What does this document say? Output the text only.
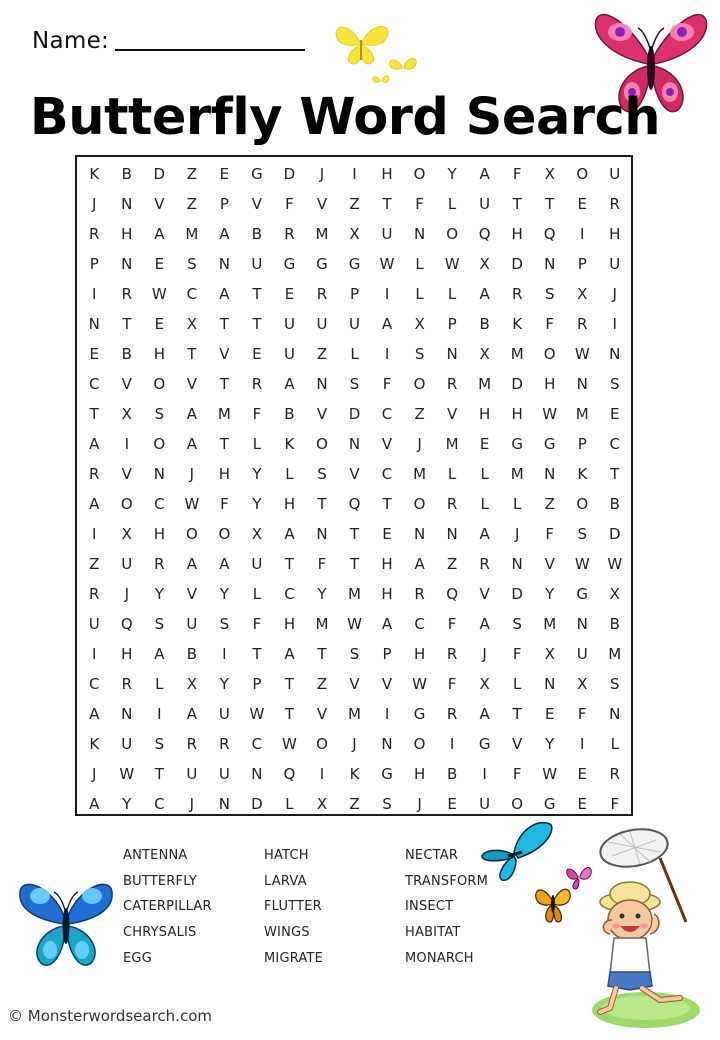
Name:
Butterfly Word Search
K	B	D	Z	E	G	D	J	I	H	O	Y	A	F	X	O	U
J	N	V	Z	P	V	F	V	Z	T	F	L	U	T	T	E	R
R	H	A	M	A	B	R	M	X	U	N	O	Q	H	Q	I	H
P	N	E	S	N	U	G	G	G	W	L	W	X	D	N	P	U
I	R	W	C	A	T	E	R	P	I	L	L	A	R	S	X	J
N	T	E	X	T	T	U	U	U	A	X	P	B	K	F	R	I
E	B	H	T	V	E	U	Z	L	I	S	N	X	M	O	W	N
C	V	O	V	T	R	A	N	S	F	O	R	M	D	H	N	S
T	X	S	A	M	F	B	V	D	C	Z	V	H	H	W	M	E
A	I	O	A	T	L	K	O	N	V	J	M	E	G	G	P	C
R	V	N	J	H	Y	L	S	V	C	M	L	L	M	N	K	T
A	O	C	W	F	Y	H	T	Q	T	O	R	L	L	Z	O	B
I	X	H	O	O	X	A	N	T	E	N	N	A	J	F	S	D
Z	U	R	A	A	U	T	F	T	H	A	Z	R	N	V	W	W
R	J	Y	V	Y	L	C	Y	M	H	R	Q	V	D	Y	G	X
U	Q	S	U	S	F	H	M	W	A	C	F	A	S	M	N	B
I	H	A	B	I	T	A	T	S	P	H	R	J	F	X	U	M
C	R	L	X	Y	P	T	Z	V	V	W	F	X	L	N	X	S
A	N	I	A	U	W	T	V	M	I	G	R	A	T	E	F	N
K	U	S	R	R	C	W	O	J	N	O	I	G	V	Y	I	L
J	W	T	U	U	N	Q	I	K	G	H	B	I	F	W	E	R
A	Y	C	J	N	D	L	X	Z	S	J	E	U	O	G	E	F
ANTENNA
BUTTERFLY
CATERPILLAR
CHRYSALIS
EGG
HATCH
LARVA
FLUTTER
WINGS
MIGRATE
NECTAR
TRANSFORM
INSECT
HABITAT
MONARCH
© Monsterwordsearch.com
